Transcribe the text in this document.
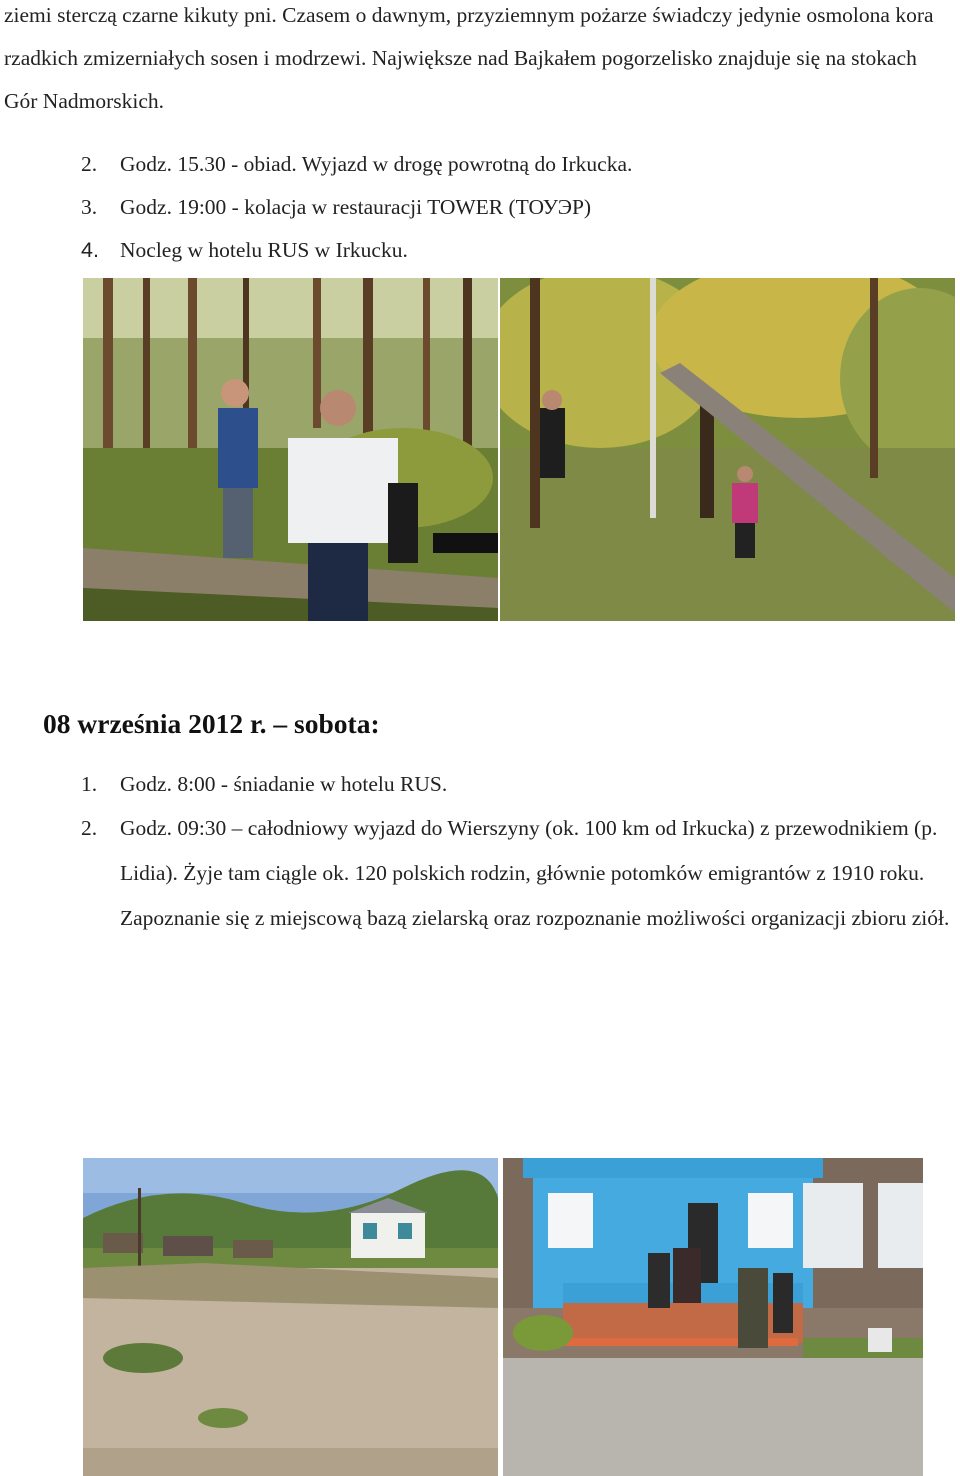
ziemi sterczą czarne kikuty pni. Czasem o dawnym, przyziemnym pożarze świadczy jedynie osmolona kora rzadkich zmizerniałych sosen i modrzewi. Największe nad Bajkałem pogorzelisko znajduje się na stokach Gór Nadmorskich.

2. Godz. 15.30 - obiad. Wyjazd w drogę powrotną do Irkucka.
3. Godz. 19:00 - kolacja w restauracji TOWER (ТОУЭР)
4. Nocleg w hotelu RUS w Irkucku.
08 września 2012 r. – sobota:
1. Godz. 8:00 - śniadanie w hotelu RUS.
2. Godz. 09:30 – całodniowy wyjazd do Wierszyny (ok. 100 km od Irkucka) z przewodnikiem (p. Lidia). Żyje tam ciągle ok. 120 polskich rodzin, głównie potomków emigrantów z 1910 roku. Zapoznanie się z miejscową bazą zielarską oraz rozpoznanie możliwości organizacji zbioru ziół.
